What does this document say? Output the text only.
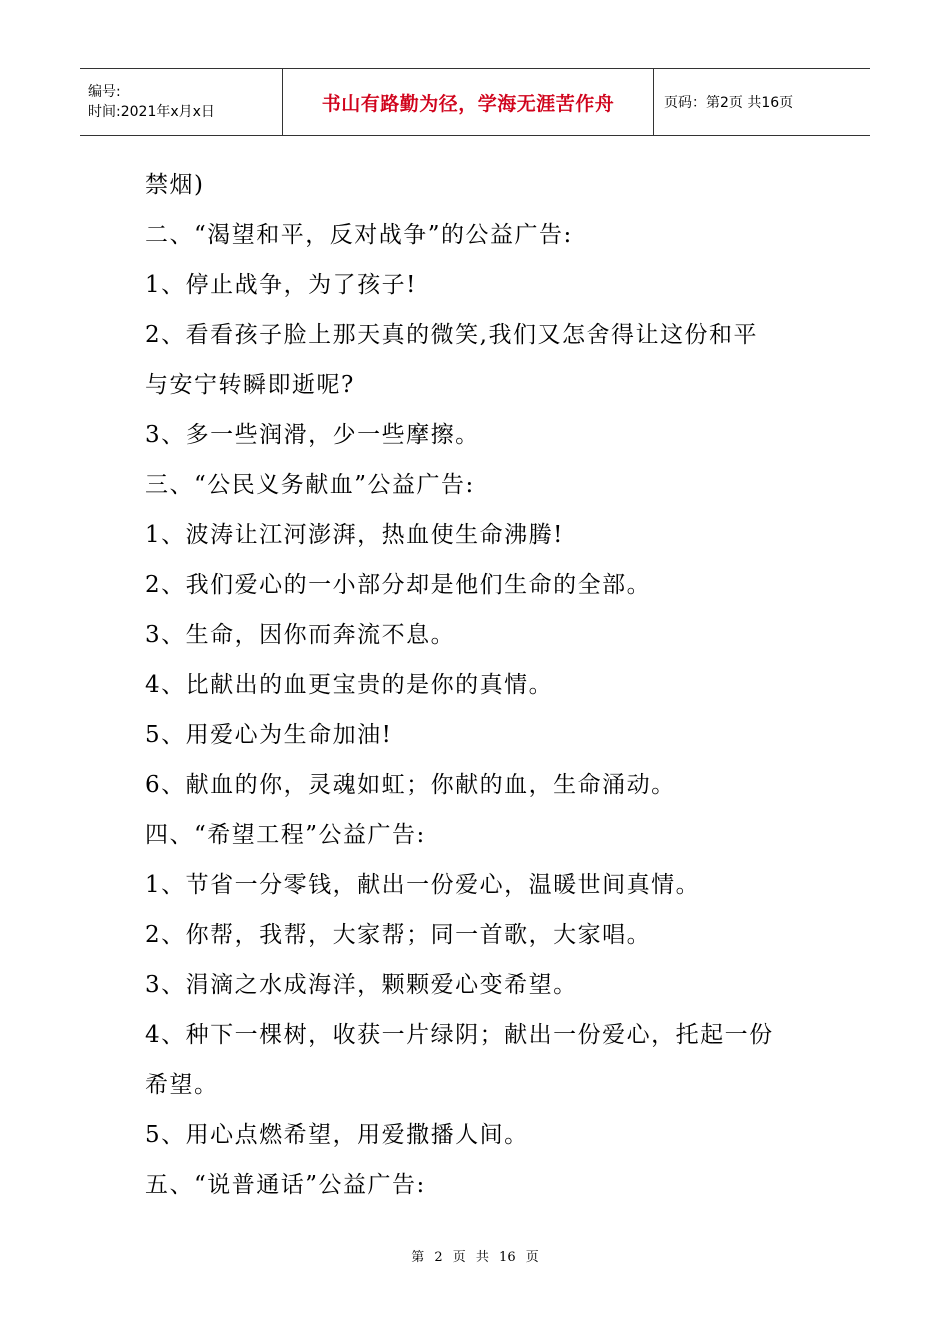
编号:
时间:2021年x月x日	书山有路勤为径，学海无涯苦作舟	页码：第2页 共16页
禁烟)
二、“渴望和平，反对战争”的公益广告:
1、停止战争，为了孩子!
2、看看孩子脸上那天真的微笑,我们又怎舍得让这份和平
与安宁转瞬即逝呢?
3、多一些润滑，少一些摩擦。
三、“公民义务献血”公益广告:
1、波涛让江河澎湃，热血使生命沸腾!
2、我们爱心的一小部分却是他们生命的全部。
3、生命，因你而奔流不息。
4、比献出的血更宝贵的是你的真情。
5、用爱心为生命加油!
6、献血的你，灵魂如虹；你献的血，生命涌动。
四、“希望工程”公益广告:
1、节省一分零钱，献出一份爱心，温暖世间真情。
2、你帮，我帮，大家帮；同一首歌，大家唱。
3、涓滴之水成海洋，颗颗爱心变希望。
4、种下一棵树，收获一片绿阴；献出一份爱心，托起一份
希望。
5、用心点燃希望，用爱撒播人间。
五、“说普通话”公益广告:
第 2 页 共 16 页
